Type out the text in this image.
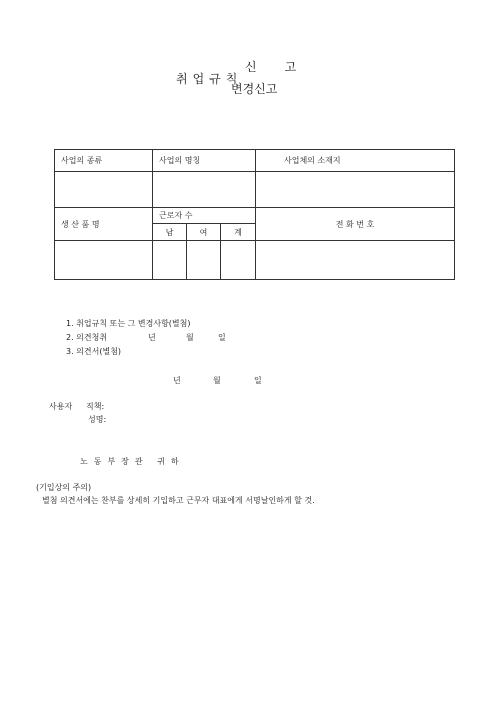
취업규칙
신 고
변경신고
사업의 종류	사업의 명칭			사업체의 소재지

생 산 품 명	근로자 수			전 화 번 호
	남	여	계	

1. 취업규칙 또는 그 변경사항(별첨)
2. 의견청취	년	월	일
3. 의견서(별첨)
년	월	일
사용자 직책:
성명:
노동부장관 귀하
(기입상의 주의)
별첨 의견서에는 찬부를 상세히 기입하고 근무자 대표에게 서명날인하게 할 것.
